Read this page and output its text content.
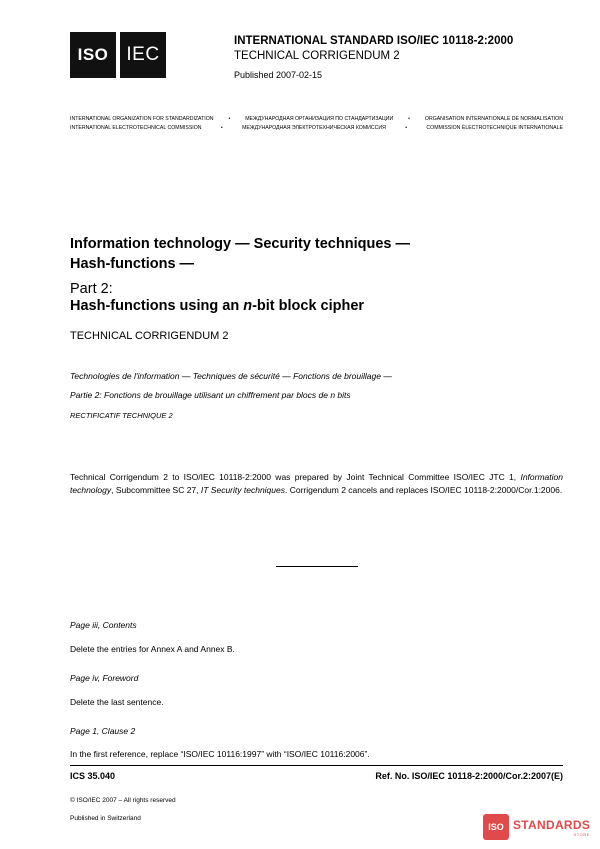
ISO IEC
INTERNATIONAL STANDARD ISO/IEC 10118-2:2000
TECHNICAL CORRIGENDUM 2
Published 2007-02-15
INTERNATIONAL ORGANIZATION FOR STANDARDIZATION	•	МЕЖДУНАРОДНАЯ ОРГАНИЗАЦИЯ ПО СТАНДАРТИЗАЦИИ	•	ORGANISATION INTERNATIONALE DE NORMALISATION
INTERNATIONAL ELECTROTECHNICAL COMMISSION	•	МЕЖДУНАРОДНАЯ ЭЛЕКТРОТЕХНИЧЕСКАЯ КОМИССИЯ	•	COMMISSION ÉLECTROTECHNIQUE INTERNATIONALE
Information technology — Security techniques —
Hash-functions —
Part 2:
Hash-functions using an n-bit block cipher
TECHNICAL CORRIGENDUM 2
Technologies de l'information — Techniques de sécurité — Fonctions de brouillage —
Partie 2: Fonctions de brouillage utilisant un chiffrement par blocs de n bits
RECTIFICATIF TECHNIQUE 2
Technical Corrigendum 2 to ISO/IEC 10118-2:2000 was prepared by Joint Technical Committee ISO/IEC JTC 1, Information technology, Subcommittee SC 27, IT Security techniques. Corrigendum 2 cancels and replaces ISO/IEC 10118-2:2000/Cor.1:2006.
Page iii, Contents
Delete the entries for Annex A and Annex B.
Page iv, Foreword
Delete the last sentence.
Page 1, Clause 2
In the first reference, replace “ISO/IEC 10116:1997” with “ISO/IEC 10116:2006”.
ICS 35.040	Ref. No. ISO/IEC 10118-2:2000/Cor.2:2007(E)
© ISO/IEC 2007 – All rights reserved
Published in Switzerland
ISO STANDARDS
STORE
